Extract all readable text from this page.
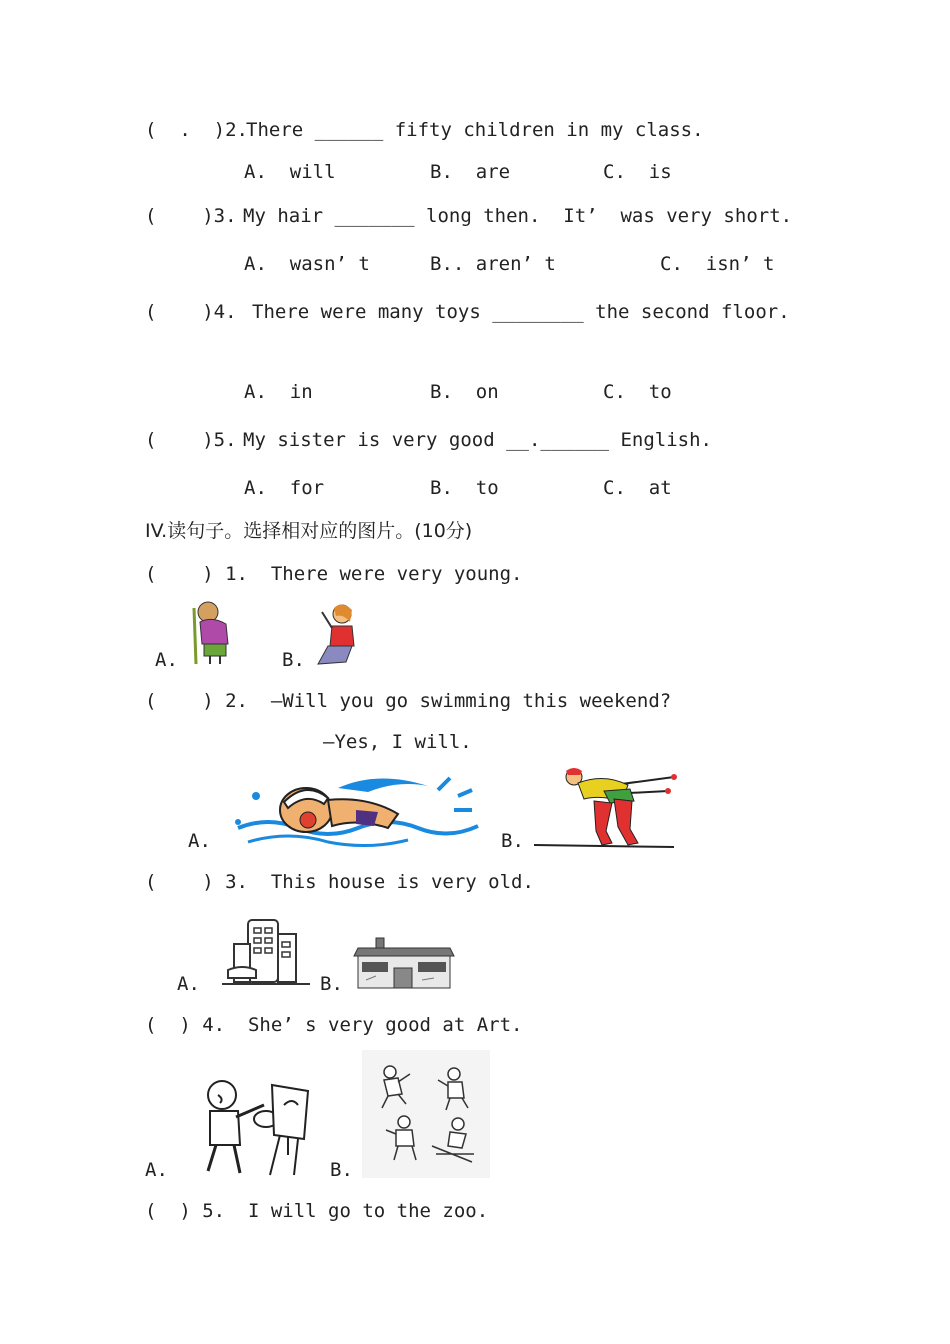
(  .  )2.
There ______ fifty children in my class.
A.  will	B.  are	C.  is
(    )3. My hair _______ long then.  It’  was very short.
A.  wasn’ t	B.. aren’ t	C.  isn’ t
(    )4. There were many toys ________ the second floor.
A.  in	B.  on	C.  to
(    )5. My sister is very good __.______ English.
A.  for	B.  to	C.  at
IV.读句子。选择相对应的图片。(10分)
(    ) 1.  There were very young.
A.	B.
(    ) 2.  —Will you go swimming this weekend?
—Yes, I will.
A.	B.
(    ) 3.  This house is very old.
A.	B.
(  ) 4.  She’ s very good at Art.
A.	B.
(  ) 5.  I will go to the zoo.
